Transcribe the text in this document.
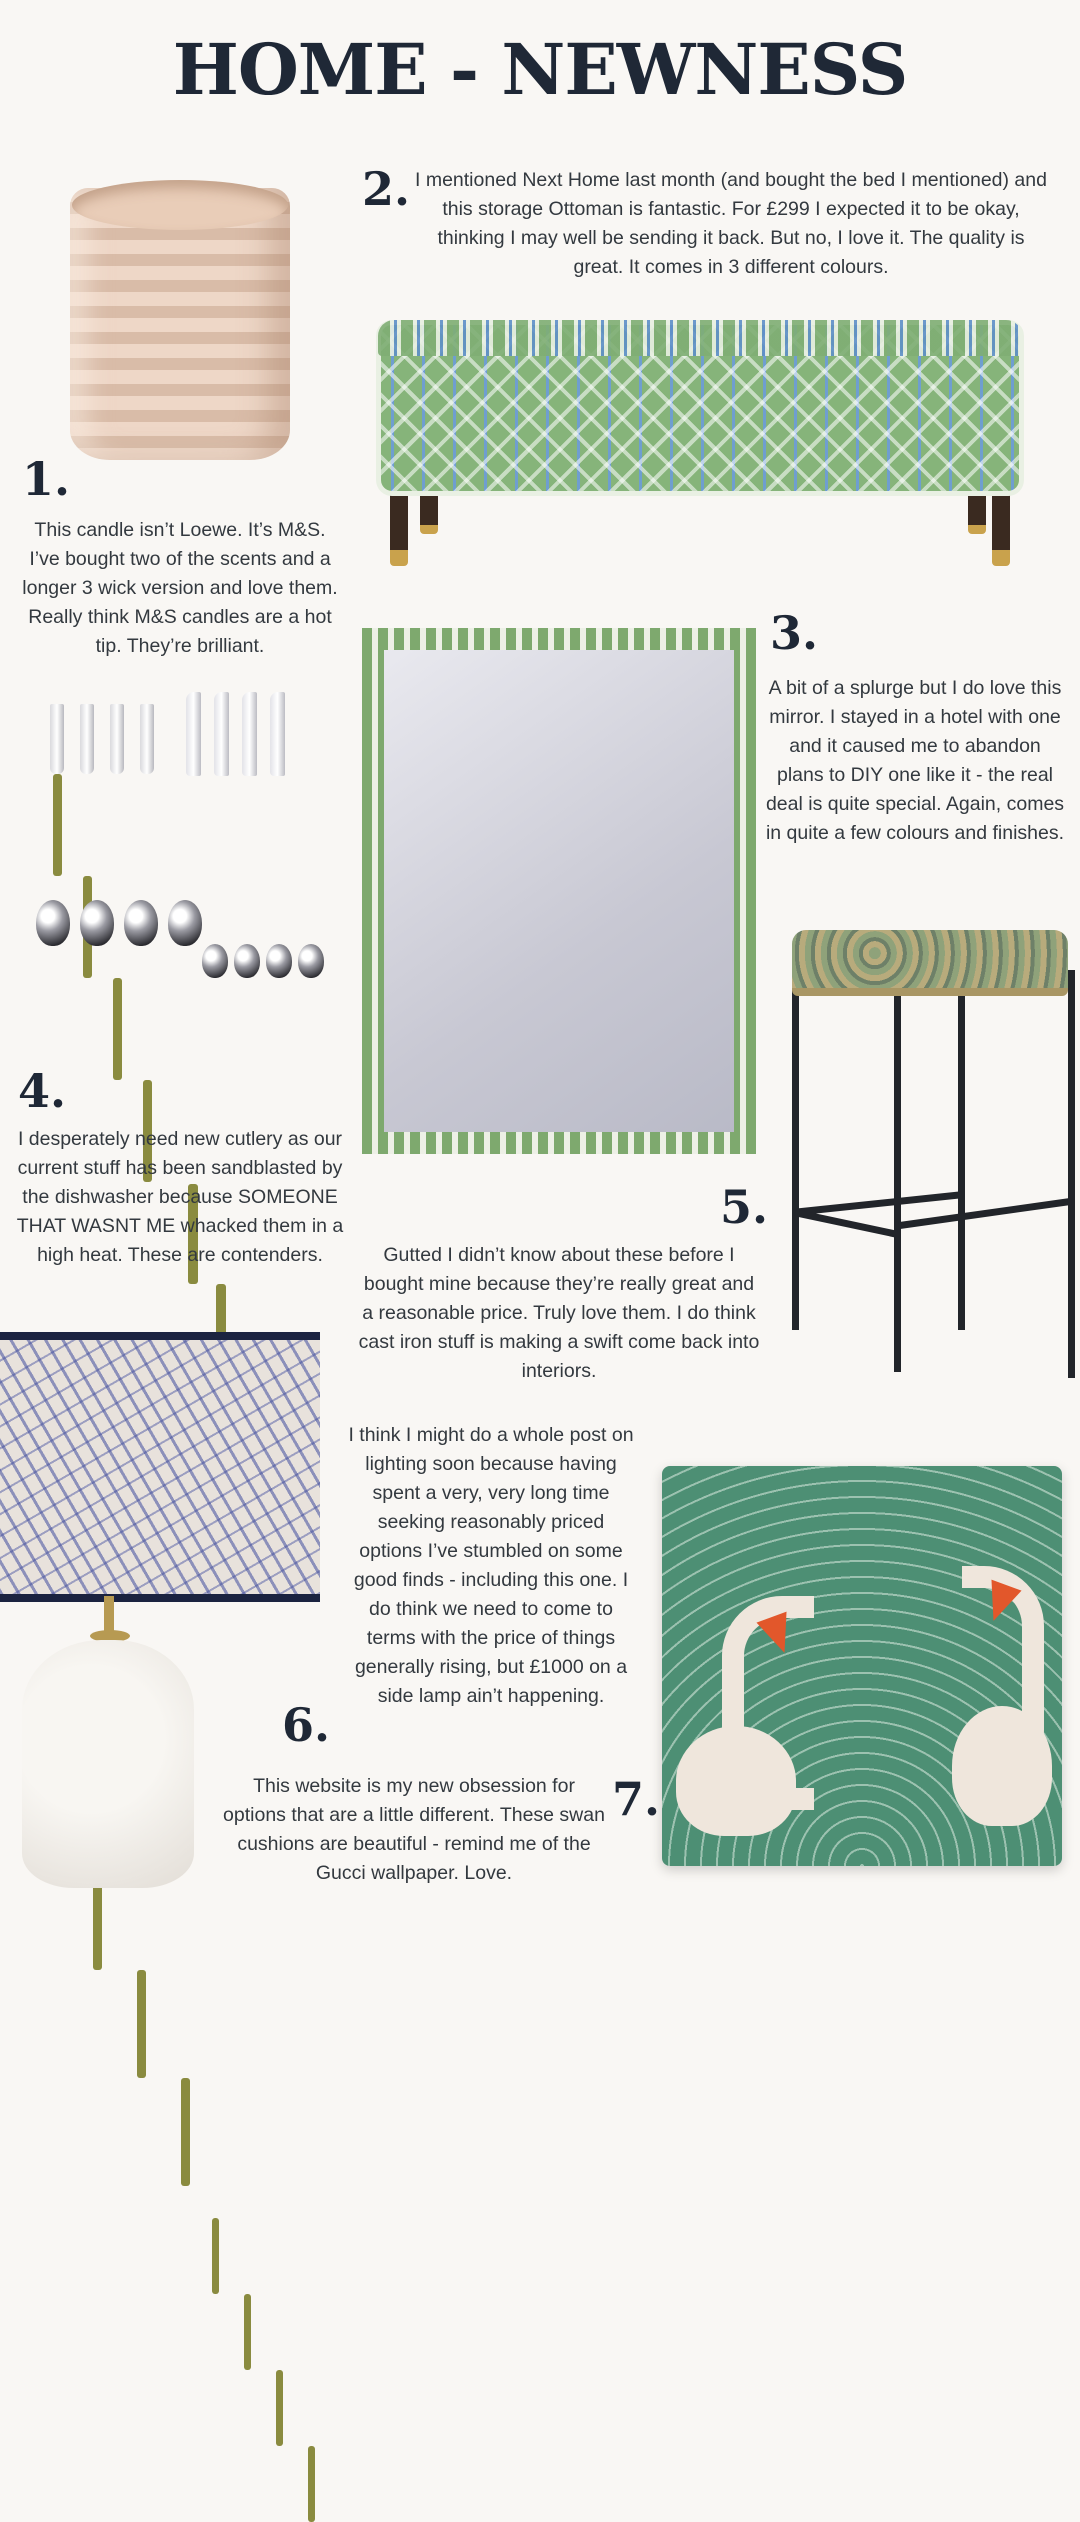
HOME - NEWNESS
1.
This candle isn’t Loewe. It’s M&S. I’ve bought two of the scents and a longer 3 wick version and love them. Really think M&S candles are a hot tip. They’re brilliant.
2. I mentioned Next Home last month (and bought the bed I mentioned) and this storage Ottoman is fantastic. For £299 I expected it to be okay, thinking I may well be sending it back. But no, I love it. The quality is great. It comes in 3 different colours.
3.
A bit of a splurge but I do love this mirror. I stayed in a hotel with one and it caused me to abandon plans to DIY one like it - the real deal is quite special. Again, comes in quite a few colours and finishes.
4.
I desperately need new cutlery as our current stuff has been sandblasted by the dishwasher because SOMEONE THAT WASNT ME whacked them in a high heat. These are contenders.
5.
Gutted I didn’t know about these before I bought mine because they’re really great and a reasonable price. Truly love them. I do think cast iron stuff is making a swift come back into interiors.
I think I might do a whole post on lighting soon because having spent a very, very long time seeking reasonably priced options I’ve stumbled on some good finds - including this one. I do think we need to come to terms with the price of things generally rising, but £1000 on a side lamp ain’t happening.
6.
7.
This website is my new obsession for options that are a little different. These swan cushions are beautiful - remind me of the Gucci wallpaper. Love.
